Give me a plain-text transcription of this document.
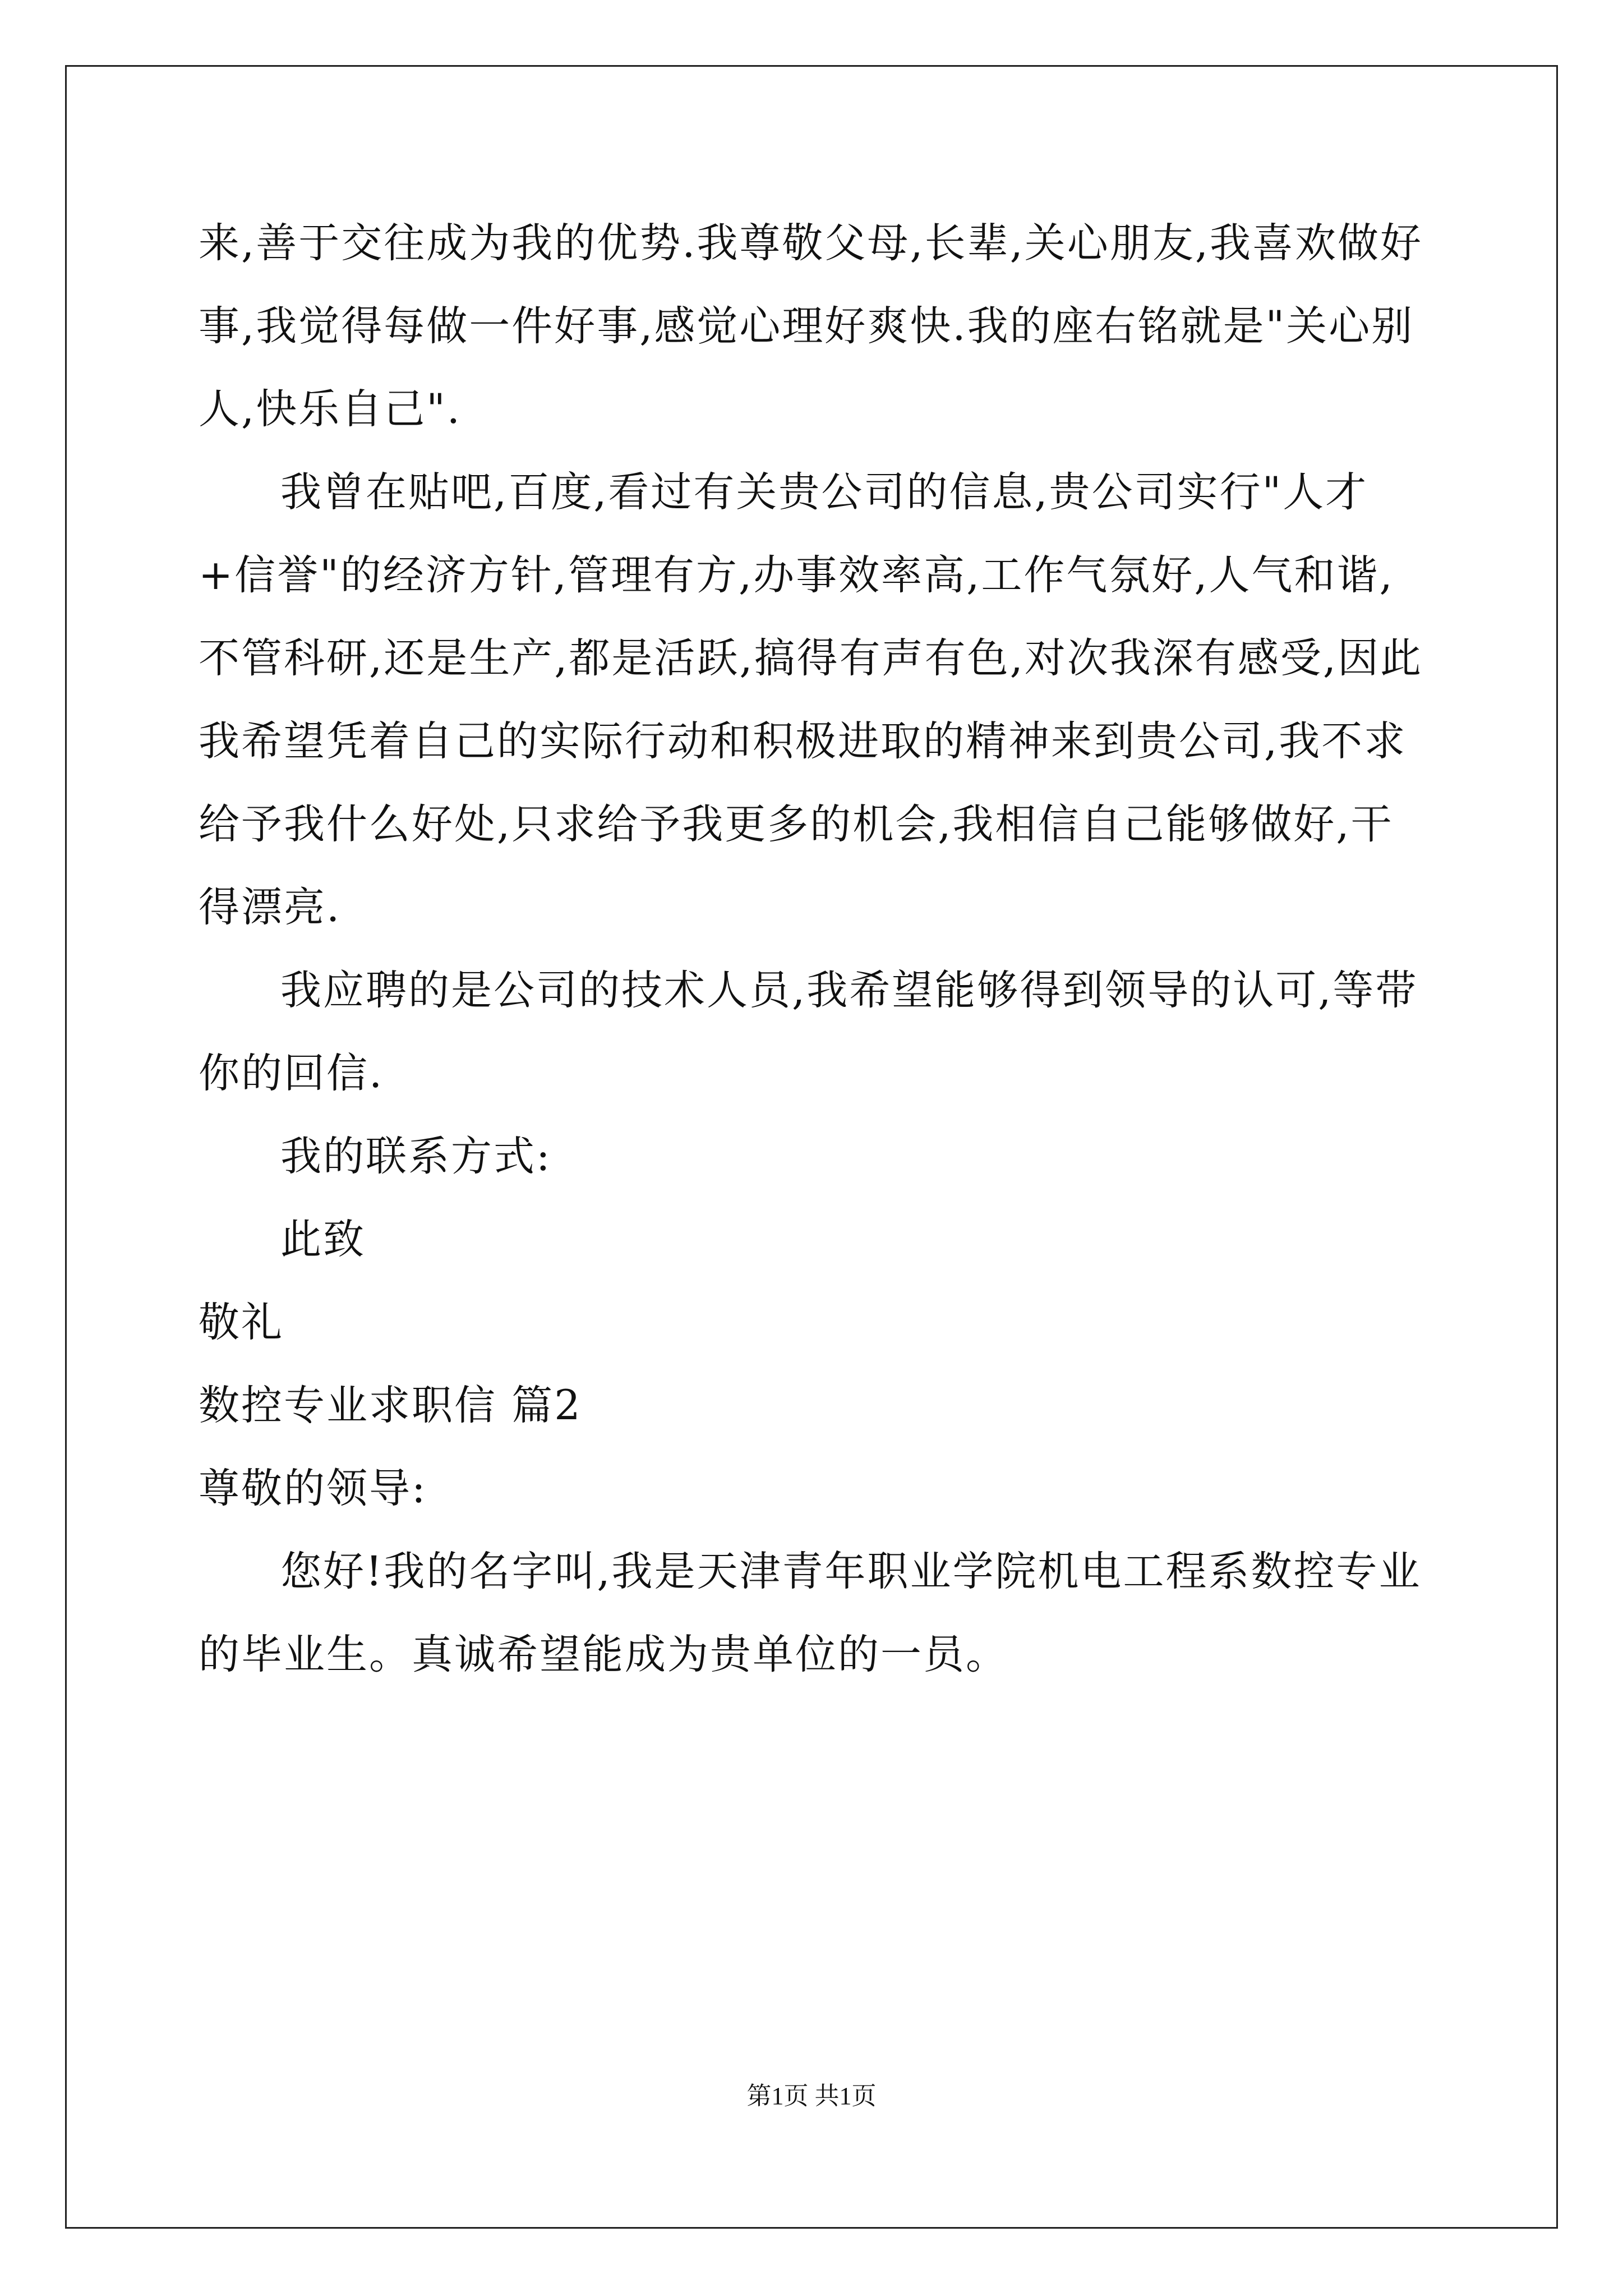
来,善于交往成为我的优势.我尊敬父母,长辈,关心朋友,我喜欢做好事,我觉得每做一件好事,感觉心理好爽快.我的座右铭就是"关心别人,快乐自己".

我曾在贴吧,百度,看过有关贵公司的信息,贵公司实行"人才+信誉"的经济方针,管理有方,办事效率高,工作气氛好,人气和谐,不管科研,还是生产,都是活跃,搞得有声有色,对次我深有感受,因此我希望凭着自己的实际行动和积极进取的精神来到贵公司,我不求给予我什么好处,只求给予我更多的机会,我相信自己能够做好,干得漂亮.

我应聘的是公司的技术人员,我希望能够得到领导的认可,等带你的回信.

我的联系方式:

此致

敬礼

数控专业求职信 篇2

尊敬的领导:

您好!我的名字叫,我是天津青年职业学院机电工程系数控专业的毕业生。真诚希望能成为贵单位的一员。

第1页 共1页
